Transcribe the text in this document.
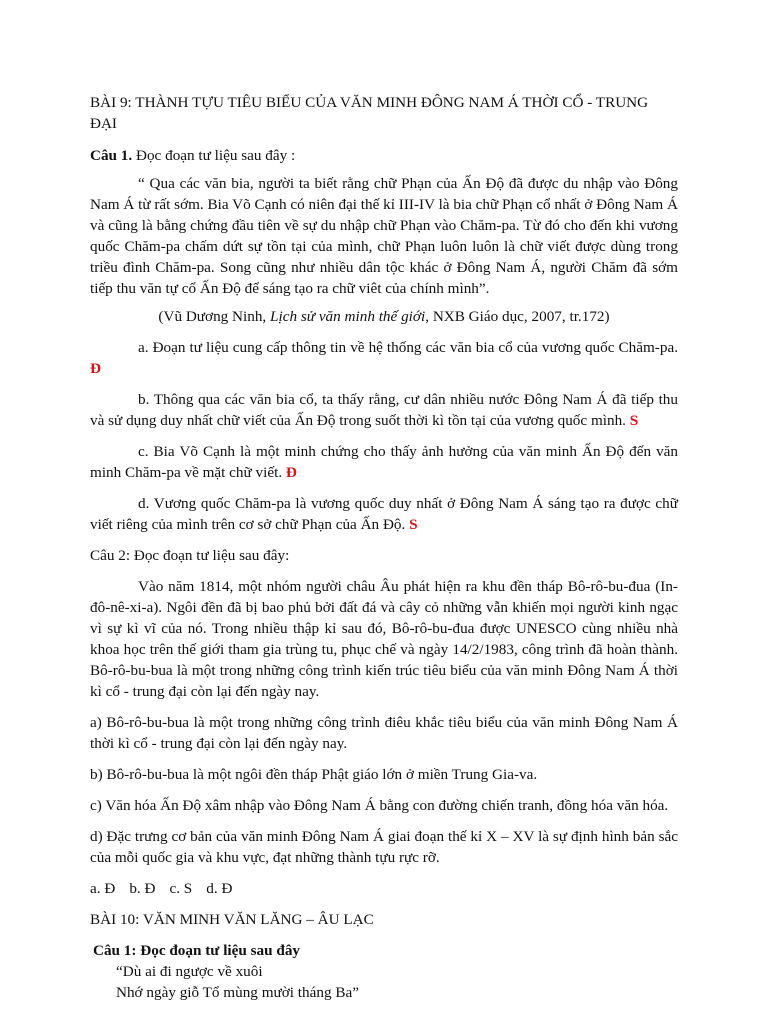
BÀI 9: THÀNH TỰU TIÊU BIỂU CỦA VĂN MINH ĐÔNG NAM Á THỜI CỔ - TRUNG ĐẠI

Câu 1. Đọc đoạn tư liệu sau đây :

“ Qua các văn bia, người ta biết rằng chữ Phạn của Ấn Độ đã được du nhập vào Đông Nam Á từ rất sớm. Bia Võ Cạnh có niên đại thế kỉ III-IV là bia chữ Phạn cổ nhất ở Đông Nam Á và cũng là bằng chứng đầu tiên về sự du nhập chữ Phạn vào Chăm-pa. Từ đó cho đến khi vương quốc Chăm-pa chấm dứt sự tồn tại của mình, chữ Phạn luôn luôn là chữ viết được dùng trong triều đình Chăm-pa. Song cũng như nhiều dân tộc khác ở Đông Nam Á, người Chăm đã sớm tiếp thu văn tự cổ Ấn Độ để sáng tạo ra chữ viêt của chính mình”.

(Vũ Dương Ninh, Lịch sử văn minh thế giới, NXB Giáo dục, 2007, tr.172)

a. Đoạn tư liệu cung cấp thông tin về hệ thống các văn bia cổ của vương quốc Chăm-pa. Đ

b. Thông qua các văn bia cổ, ta thấy rằng, cư dân nhiều nước Đông Nam Á đã tiếp thu và sử dụng duy nhất chữ viết của Ấn Độ trong suốt thời kì tồn tại của vương quốc mình. S

c. Bia Võ Cạnh là một minh chứng cho thấy ảnh hưởng của văn minh Ấn Độ đến văn minh Chăm-pa về mặt chữ viết. Đ

d. Vương quốc Chăm-pa là vương quốc duy nhất ở Đông Nam Á sáng tạo ra được chữ viết riêng của mình trên cơ sở chữ Phạn của Ấn Độ. S

Câu 2: Đọc đoạn tư liệu sau đây:

Vào năm 1814, một nhóm người châu Âu phát hiện ra khu đền tháp Bô-rô-bu-đua (In-đô-nê-xi-a). Ngôi đền đã bị bao phủ bởi đất đá và cây cỏ những vẫn khiến mọi người kinh ngạc vì sự kì vĩ của nó. Trong nhiều thập kỉ sau đó, Bô-rô-bu-đua được UNESCO cùng nhiều nhà khoa học trên thế giới tham gia trùng tu, phục chế và ngày 14/2/1983, công trình đã hoàn thành. Bô-rô-bu-bua là một trong những công trình kiến trúc tiêu biểu của văn minh Đông Nam Á thời kì cổ - trung đại còn lại đến ngày nay.

a) Bô-rô-bu-bua là một trong những công trình điêu khắc tiêu biểu của văn minh Đông Nam Á thời kì cổ - trung đại còn lại đến ngày nay.

b) Bô-rô-bu-bua là một ngôi đền tháp Phật giáo lớn ở miền Trung Gia-va.

c) Văn hóa Ấn Độ xâm nhập vào Đông Nam Á bằng con đường chiến tranh, đồng hóa văn hóa.

d) Đặc trưng cơ bản của văn minh Đông Nam Á giai đoạn thế kỉ X – XV là sự định hình bản sắc của mỗi quốc gia và khu vực, đạt những thành tựu rực rỡ.

a. Đ b. Đ c. S d. Đ

BÀI 10: VĂN MINH VĂN LĂNG – ÂU LẠC

Câu 1: Đọc đoạn tư liệu sau đây

“Dù ai đi ngược về xuôi

Nhớ ngày giỗ Tổ mùng mười tháng Ba”
